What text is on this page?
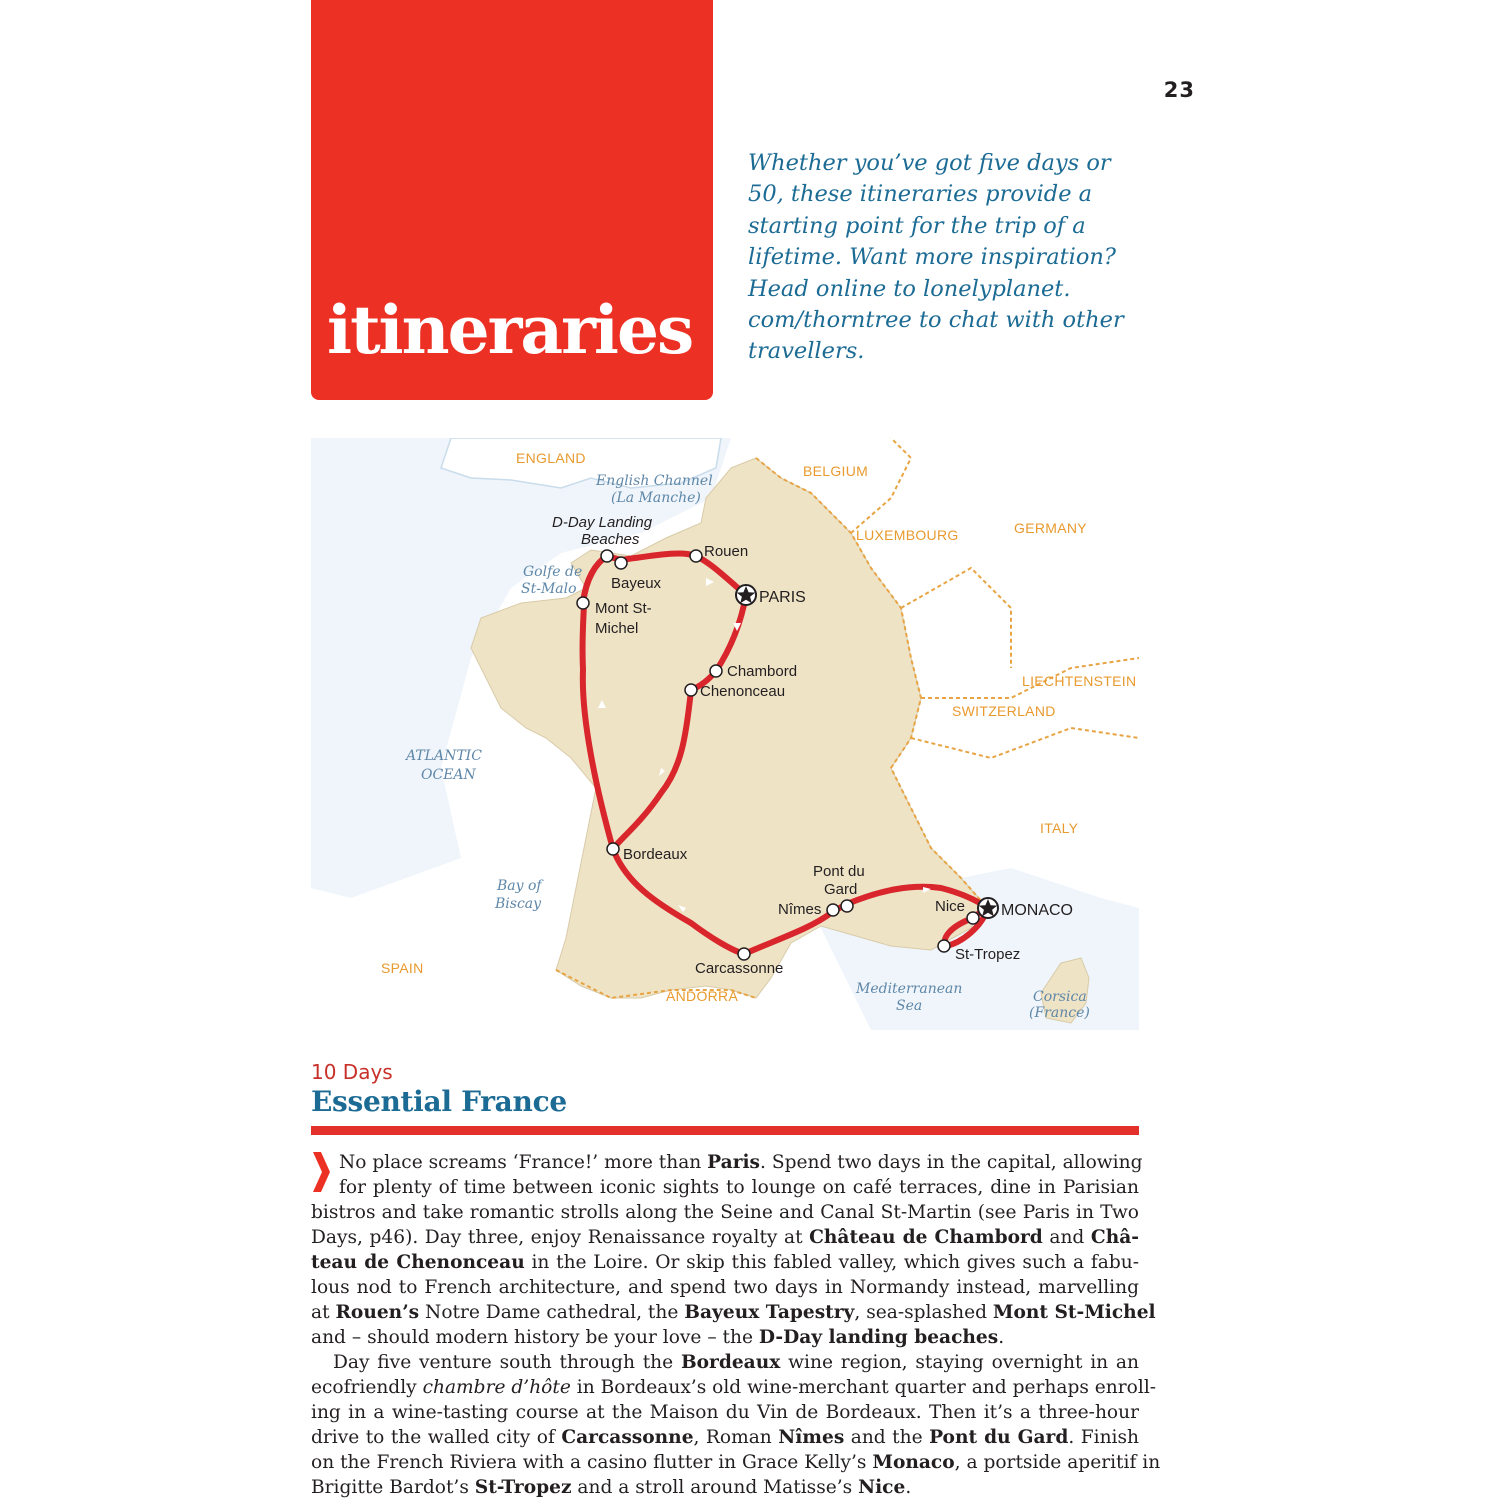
itineraries
23
Whether you’ve got five days or
50, these itineraries provide a
starting point for the trip of a
lifetime. Want more inspiration?
Head online to lonelyplanet.
com/thorntree to chat with other
travellers.
ENGLAND
BELGIUM
LUXEMBOURG	GERMANY
LIECHTENSTEIN
SWITZERLAND
ITALY
SPAIN
ANDORRA
English Channel
(La Manche)
Golfe de
St-Malo
ATLANTIC
OCEAN
Bay of
Biscay
Mediterranean
Sea
Corsica
(France)
D-Day Landing
Beaches
Rouen
Bayeux
PARIS
Mont St-
Michel
Chambord
Chenonceau
Bordeaux
Pont du
Gard
Nîmes	Nice MONACO
St-Tropez
Carcassonne
10 Days
Essential France
No place screams ‘France!’ more than Paris. Spend two days in the capital, allowing
for plenty of time between iconic sights to lounge on café terraces, dine in Parisian
bistros and take romantic strolls along the Seine and Canal St-Martin (see Paris in Two
Days, p46). Day three, enjoy Renaissance royalty at Château de Chambord and Châ-
teau de Chenonceau in the Loire. Or skip this fabled valley, which gives such a fabu-
lous nod to French architecture, and spend two days in Normandy instead, marvelling
at Rouen’s Notre Dame cathedral, the Bayeux Tapestry, sea-splashed Mont St-Michel
and – should modern history be your love – the D-Day landing beaches.
Day five venture south through the Bordeaux wine region, staying overnight in an
ecofriendly chambre d’hôte in Bordeaux’s old wine-merchant quarter and perhaps enroll-
ing in a wine-tasting course at the Maison du Vin de Bordeaux. Then it’s a three-hour
drive to the walled city of Carcassonne, Roman Nîmes and the Pont du Gard. Finish
on the French Riviera with a casino flutter in Grace Kelly’s Monaco, a portside aperitif in
Brigitte Bardot’s St-Tropez and a stroll around Matisse’s Nice.
